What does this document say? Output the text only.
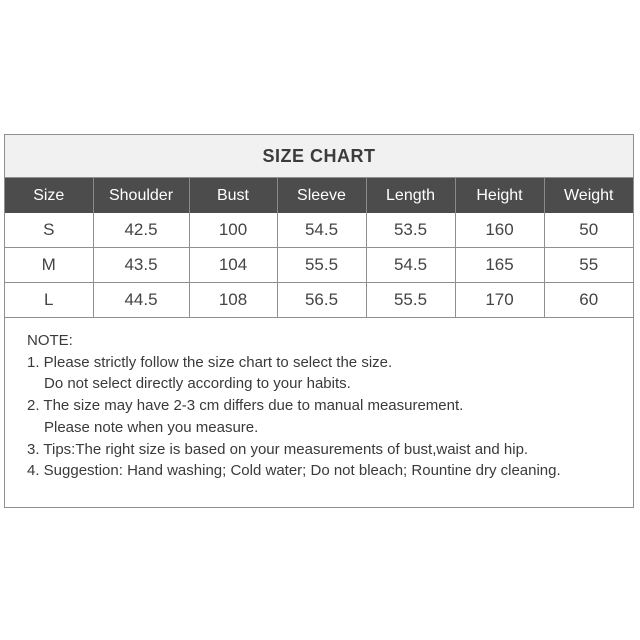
SIZE CHART
Size	Shoulder	Bust	Sleeve	Length	Height	Weight
S	42.5	100	54.5	53.5	160	50
M	43.5	104	55.5	54.5	165	55
L	44.5	108	56.5	55.5	170	60
NOTE:
1. Please strictly follow the size chart to select the size.
Do not select directly according to your habits.
2. The size may have 2-3 cm differs due to manual measurement.
Please note when you measure.
3. Tips:The right size is based on your measurements of bust,waist and hip.
4. Suggestion: Hand washing; Cold water; Do not bleach; Rountine dry cleaning.
